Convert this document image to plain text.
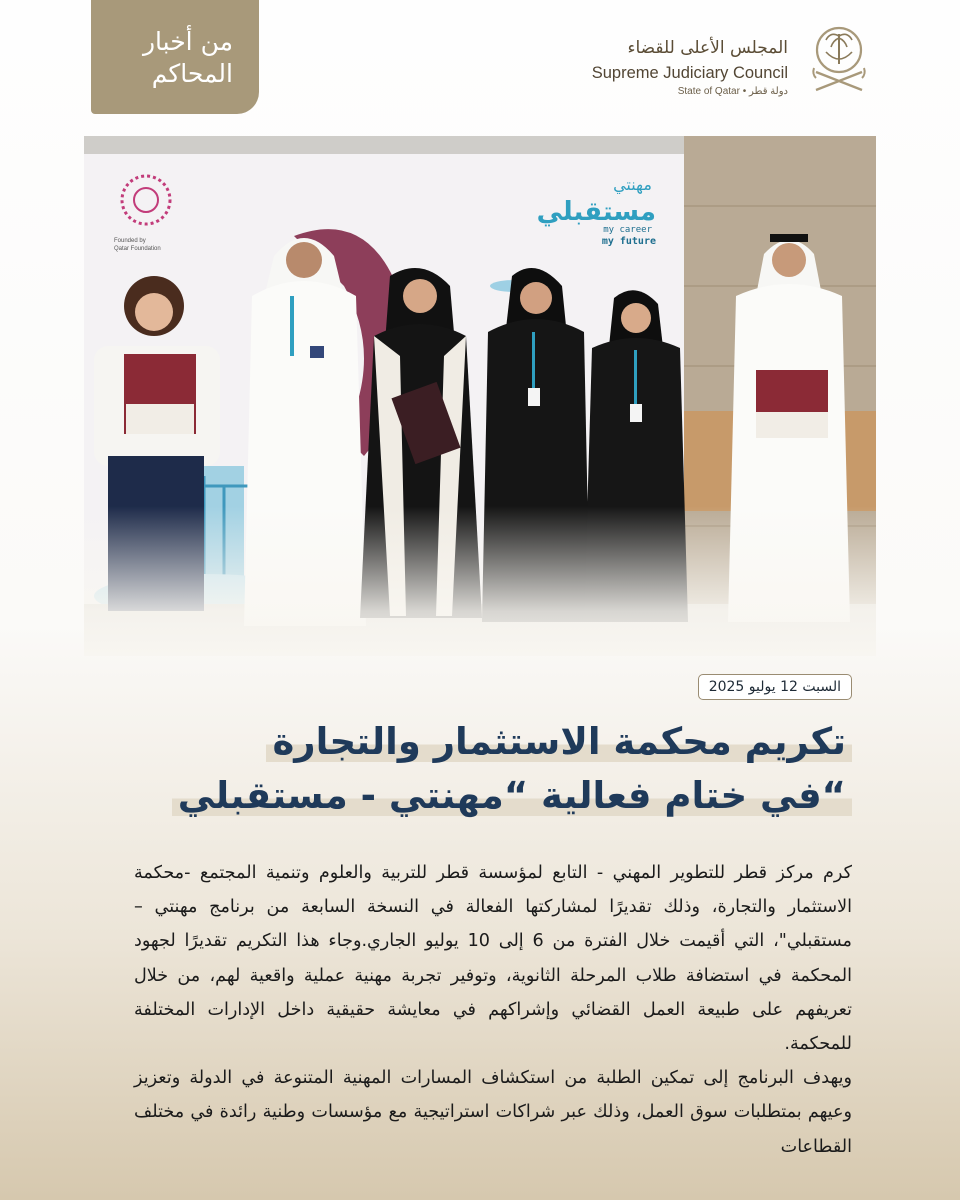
من أخبار
المحاكم
المجلس الأعلى للقضاء
Supreme Judiciary Council
State of Qatar • دولة قطر
Founded by
Qatar Foundation
مهنتي
مستقبلي
my career
my future
السبت 12 يوليو 2025
تكريم محكمة الاستثمار والتجارة
في ختام فعالية “مهنتي - مستقبلي“

كرم مركز قطر للتطوير المهني - التابع لمؤسسة قطر للتربية والعلوم وتنمية المجتمع -محكمة الاستثمار والتجارة، وذلك تقديرًا لمشاركتها الفعالة في النسخة السابعة من برنامج مهنتي – مستقبلي"، التي أقيمت خلال الفترة من 6 إلى 10 يوليو الجاري.وجاء هذا التكريم تقديرًا لجهود المحكمة في استضافة طلاب المرحلة الثانوية، وتوفير تجربة مهنية عملية واقعية لهم، من خلال تعريفهم على طبيعة العمل القضائي وإشراكهم في معايشة حقيقية داخل الإدارات المختلفة للمحكمة.

ويهدف البرنامج إلى تمكين الطلبة من استكشاف المسارات المهنية المتنوعة في الدولة وتعزيز وعيهم بمتطلبات سوق العمل، وذلك عبر شراكات استراتيجية مع مؤسسات وطنية رائدة في مختلف القطاعات
